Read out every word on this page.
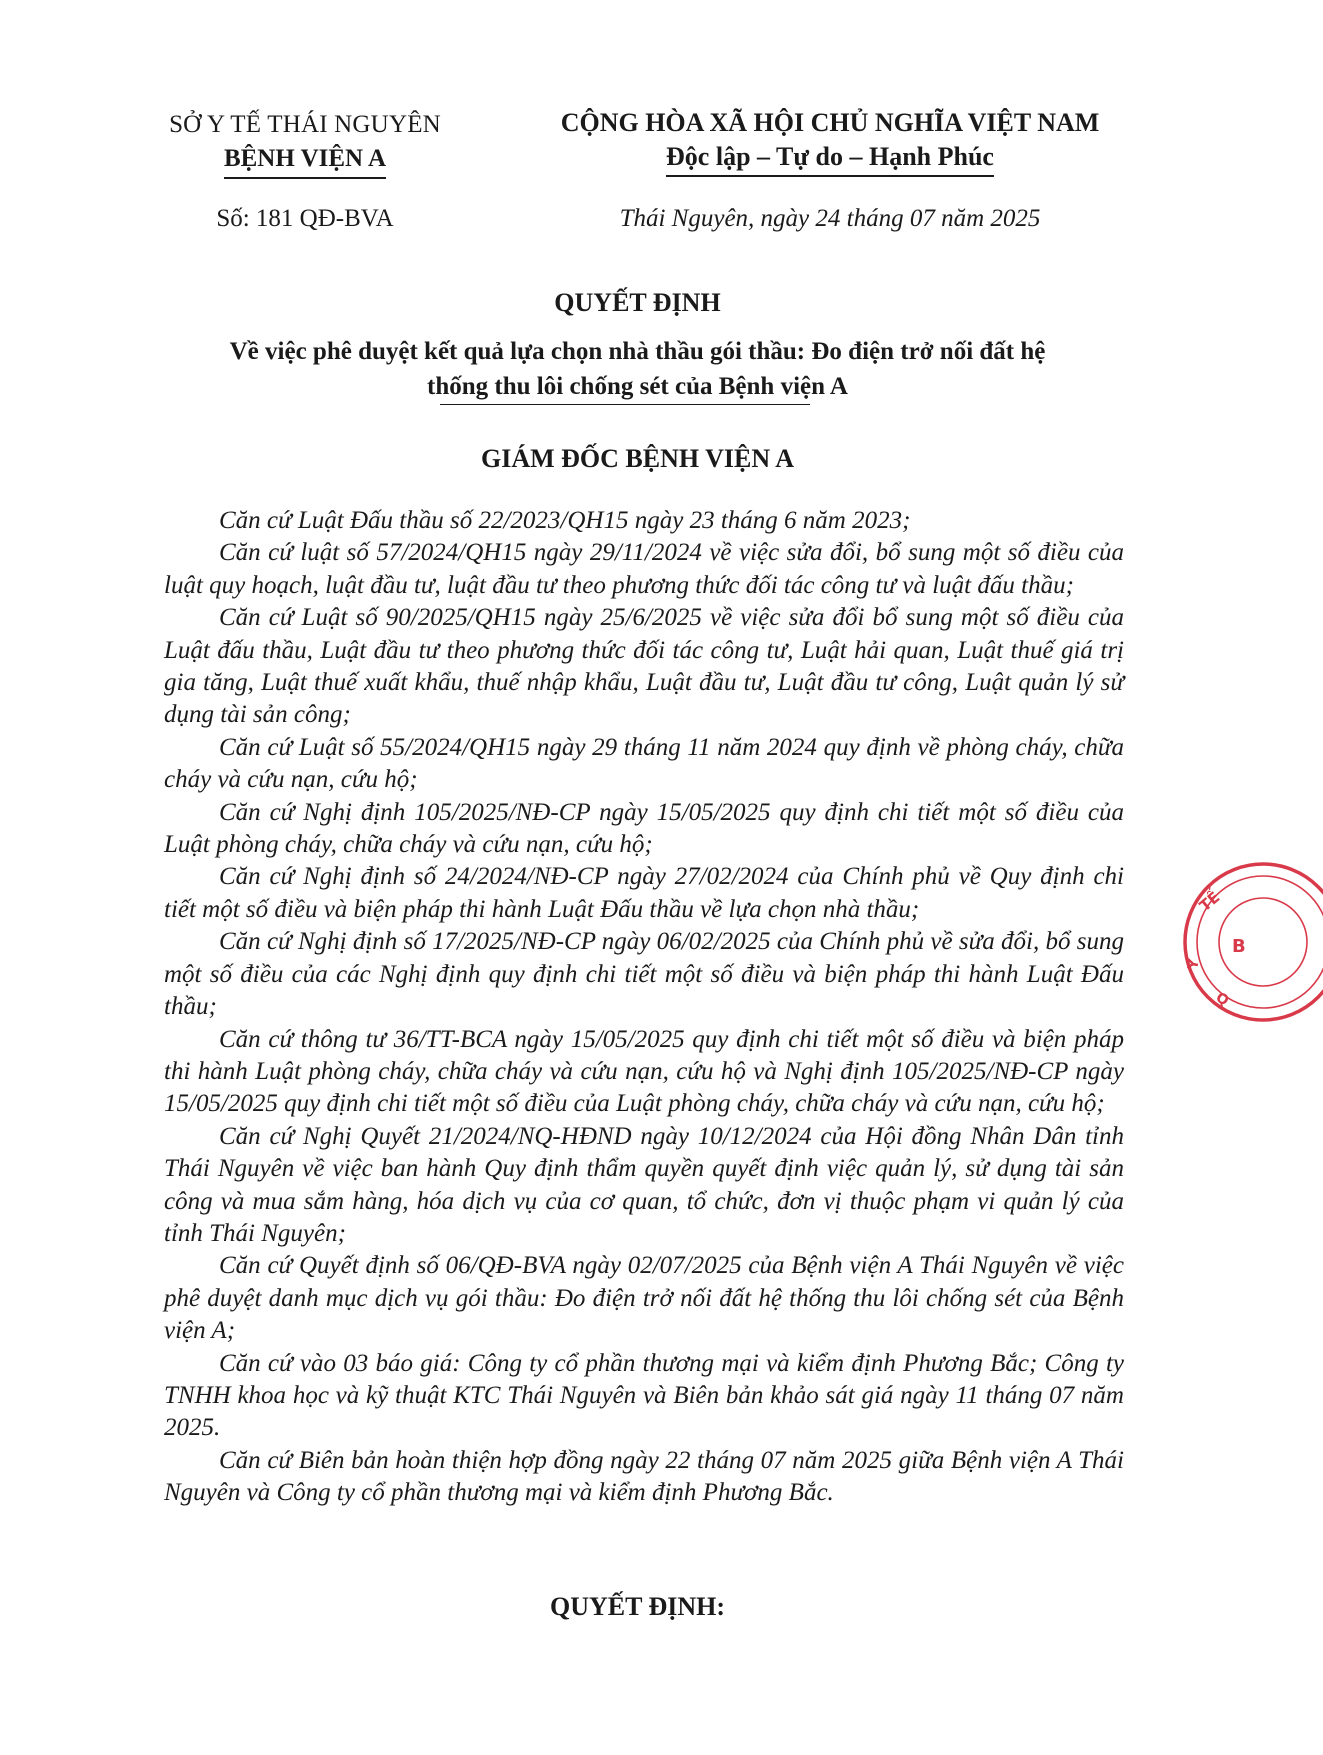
SỞ Y TẾ THÁI NGUYÊN
BỆNH VIỆN A
CỘNG HÒA XÃ HỘI CHỦ NGHĨA VIỆT NAM
Độc lập – Tự do – Hạnh Phúc
Số: 181 QĐ-BVA	Thái Nguyên, ngày 24 tháng 07 năm 2025
QUYẾT ĐỊNH
Về việc phê duyệt kết quả lựa chọn nhà thầu gói thầu: Đo điện trở nối đất hệ
thống thu lôi chống sét của Bệnh viện A
GIÁM ĐỐC BỆNH VIỆN A

Căn cứ Luật Đấu thầu số 22/2023/QH15 ngày 23 tháng 6 năm 2023;

Căn cứ luật số 57/2024/QH15 ngày 29/11/2024 về việc sửa đổi, bổ sung một số điều của luật quy hoạch, luật đầu tư, luật đầu tư theo phương thức đối tác công tư và luật đấu thầu;

Căn cứ Luật số 90/2025/QH15 ngày 25/6/2025 về việc sửa đổi bổ sung một số điều của Luật đấu thầu, Luật đầu tư theo phương thức đối tác công tư, Luật hải quan, Luật thuế giá trị gia tăng, Luật thuế xuất khẩu, thuế nhập khẩu, Luật đầu tư, Luật đầu tư công, Luật quản lý sử dụng tài sản công;

Căn cứ Luật số 55/2024/QH15 ngày 29 tháng 11 năm 2024 quy định về phòng cháy, chữa cháy và cứu nạn, cứu hộ;

Căn cứ Nghị định 105/2025/NĐ-CP ngày 15/05/2025 quy định chi tiết một số điều của Luật phòng cháy, chữa cháy và cứu nạn, cứu hộ;

Căn cứ Nghị định số 24/2024/NĐ-CP ngày 27/02/2024 của Chính phủ về Quy định chi tiết một số điều và biện pháp thi hành Luật Đấu thầu về lựa chọn nhà thầu;

Căn cứ Nghị định số 17/2025/NĐ-CP ngày 06/02/2025 của Chính phủ về sửa đổi, bổ sung một số điều của các Nghị định quy định chi tiết một số điều và biện pháp thi hành Luật Đấu thầu;

Căn cứ thông tư 36/TT-BCA ngày 15/05/2025 quy định chi tiết một số điều và biện pháp thi hành Luật phòng cháy, chữa cháy và cứu nạn, cứu hộ và Nghị định 105/2025/NĐ-CP ngày 15/05/2025 quy định chi tiết một số điều của Luật phòng cháy, chữa cháy và cứu nạn, cứu hộ;

Căn cứ Nghị Quyết 21/2024/NQ-HĐND ngày 10/12/2024 của Hội đồng Nhân Dân tỉnh Thái Nguyên về việc ban hành Quy định thẩm quyền quyết định việc quản lý, sử dụng tài sản công và mua sắm hàng, hóa dịch vụ của cơ quan, tổ chức, đơn vị thuộc phạm vi quản lý của tỉnh Thái Nguyên;

Căn cứ Quyết định số 06/QĐ-BVA ngày 02/07/2025 của Bệnh viện A Thái Nguyên về việc phê duyệt danh mục dịch vụ gói thầu: Đo điện trở nối đất hệ thống thu lôi chống sét của Bệnh viện A;

Căn cứ vào 03 báo giá: Công ty cổ phần thương mại và kiểm định Phương Bắc; Công ty TNHH khoa học và kỹ thuật KTC Thái Nguyên và Biên bản khảo sát giá ngày 11 tháng 07 năm 2025.

Căn cứ Biên bản hoàn thiện hợp đồng ngày 22 tháng 07 năm 2025 giữa Bệnh viện A Thái Nguyên và Công ty cổ phần thương mại và kiểm định Phương Bắc.

QUYẾT ĐỊNH:
TẾ
Y
B
Q
